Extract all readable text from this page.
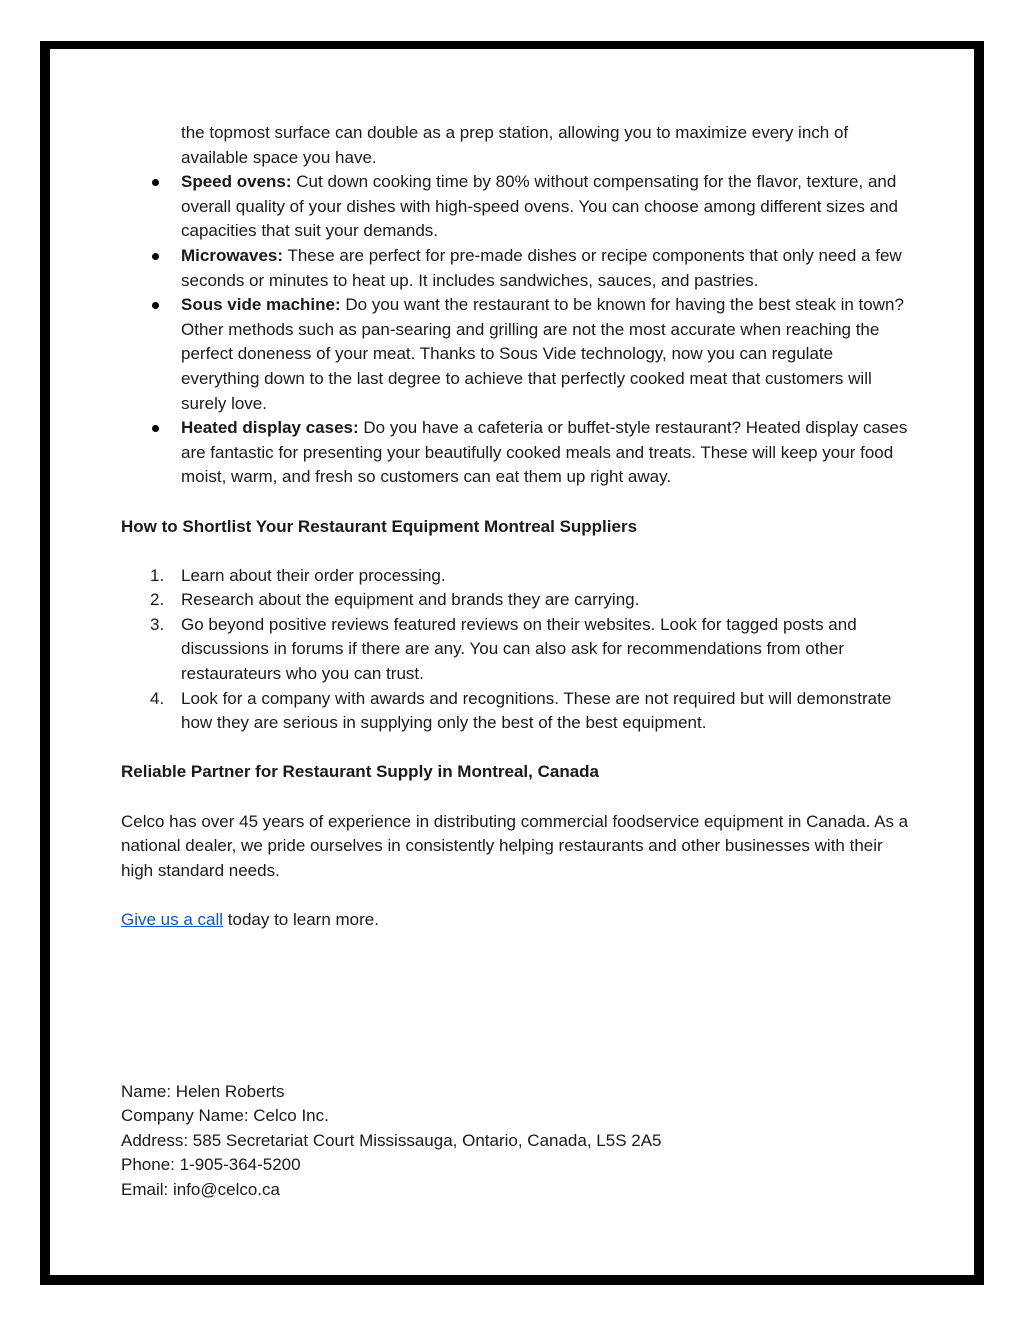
the topmost surface can double as a prep station, allowing you to maximize every inch of available space you have.
Speed ovens: Cut down cooking time by 80% without compensating for the flavor, texture, and overall quality of your dishes with high-speed ovens. You can choose among different sizes and capacities that suit your demands.
Microwaves: These are perfect for pre-made dishes or recipe components that only need a few seconds or minutes to heat up. It includes sandwiches, sauces, and pastries.
Sous vide machine: Do you want the restaurant to be known for having the best steak in town? Other methods such as pan-searing and grilling are not the most accurate when reaching the perfect doneness of your meat. Thanks to Sous Vide technology, now you can regulate everything down to the last degree to achieve that perfectly cooked meat that customers will surely love.
Heated display cases: Do you have a cafeteria or buffet-style restaurant? Heated display cases are fantastic for presenting your beautifully cooked meals and treats. These will keep your food moist, warm, and fresh so customers can eat them up right away.
How to Shortlist Your Restaurant Equipment Montreal Suppliers
1. Learn about their order processing.
2. Research about the equipment and brands they are carrying.
3. Go beyond positive reviews featured reviews on their websites. Look for tagged posts and discussions in forums if there are any. You can also ask for recommendations from other restaurateurs who you can trust.
4. Look for a company with awards and recognitions. These are not required but will demonstrate how they are serious in supplying only the best of the best equipment.
Reliable Partner for Restaurant Supply in Montreal, Canada

Celco has over 45 years of experience in distributing commercial foodservice equipment in Canada. As a national dealer, we pride ourselves in consistently helping restaurants and other businesses with their high standard needs.

Give us a call today to learn more.

Name: Helen Roberts
Company Name: Celco Inc.
Address: 585 Secretariat Court Mississauga, Ontario, Canada, L5S 2A5
Phone: 1-905-364-5200
Email: info@celco.ca
